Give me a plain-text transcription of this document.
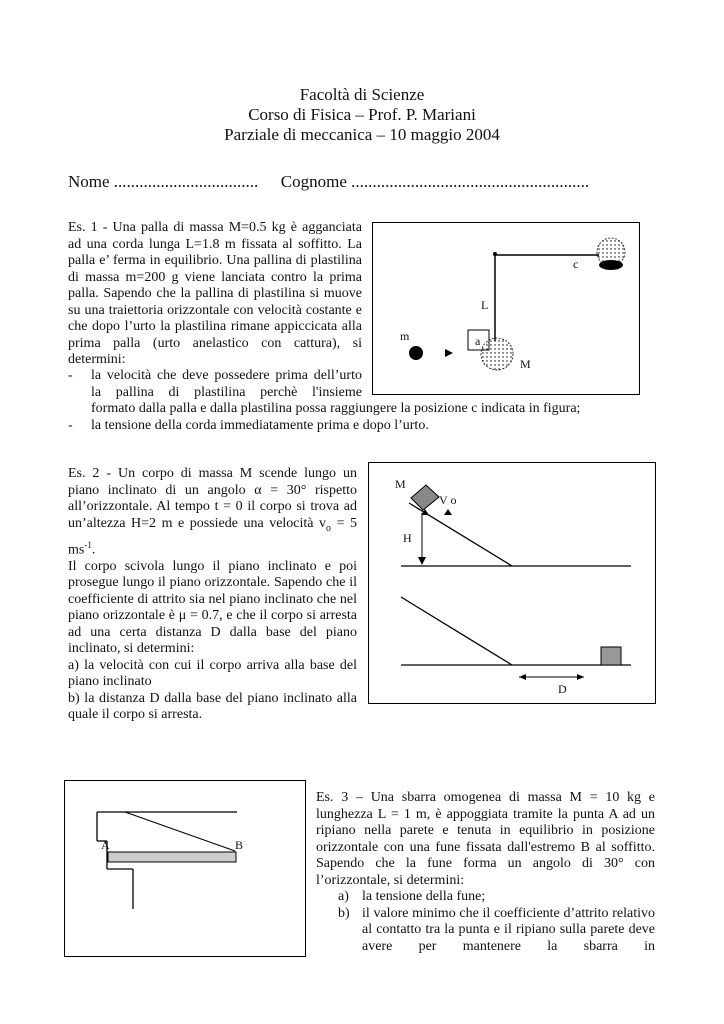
Facoltà di Scienze
Corso di Fisica – Prof. P. Mariani
Parziale di meccanica – 10 maggio 2004
Nome .................................. Cognome ........................................................
Es. 1 - Una palla di massa M=0.5 kg è agganciata ad una corda lunga L=1.8 m fissata al soffitto. La palla e’ ferma in equilibrio. Una pallina di plastilina di massa m=200 g viene lanciata contro la prima palla. Sapendo che la pallina di plastilina si muove su una traiettoria orizzontale con velocità costante e che dopo l’urto la plastilina rimane appiccicata alla prima palla (urto anelastico con cattura), si determini:
-	la velocità che deve possedere prima dell’urto
la pallina di plastilina perchè l'insieme
formato dalla palla e dalla plastilina possa raggiungere la posizione c indicata in figura;
-	la tensione della corda immediatamente prima e dopo l’urto.
c
L
m	a
M
Es. 2 - Un corpo di massa M scende lungo un piano inclinato di un angolo α = 30° rispetto all’orizzontale. Al tempo t = 0 il corpo si trova ad un’altezza H=2 m e possiede una velocità $v_o = 5$ $ms^{-1}$.
Il corpo scivola lungo il piano inclinato e poi prosegue lungo il piano orizzontale. Sapendo che il coefficiente di attrito sia nel piano inclinato che nel piano orizzontale è μ = 0.7, e che il corpo si arresta ad una certa distanza D dalla base del piano inclinato, si determini:
a) la velocità con cui il corpo arriva alla base del piano inclinato
b) la distanza D dalla base del piano inclinato alla quale il corpo si arresta.
M
V o
H
D
A	B
Es. 3 – Una sbarra omogenea di massa M = 10 kg e lunghezza L = 1 m, è appoggiata tramite la punta A ad un ripiano nella parete e tenuta in equilibrio in posizione orizzontale con una fune fissata dall'estremo B al soffitto. Sapendo che la fune forma un angolo di 30° con l’orizzontale, si determini:
a) la tensione della fune;
b) il valore minimo che il coefficiente d’attrito relativo al contatto tra la punta e il ripiano sulla parete deve avere per mantenere la sbarra in
